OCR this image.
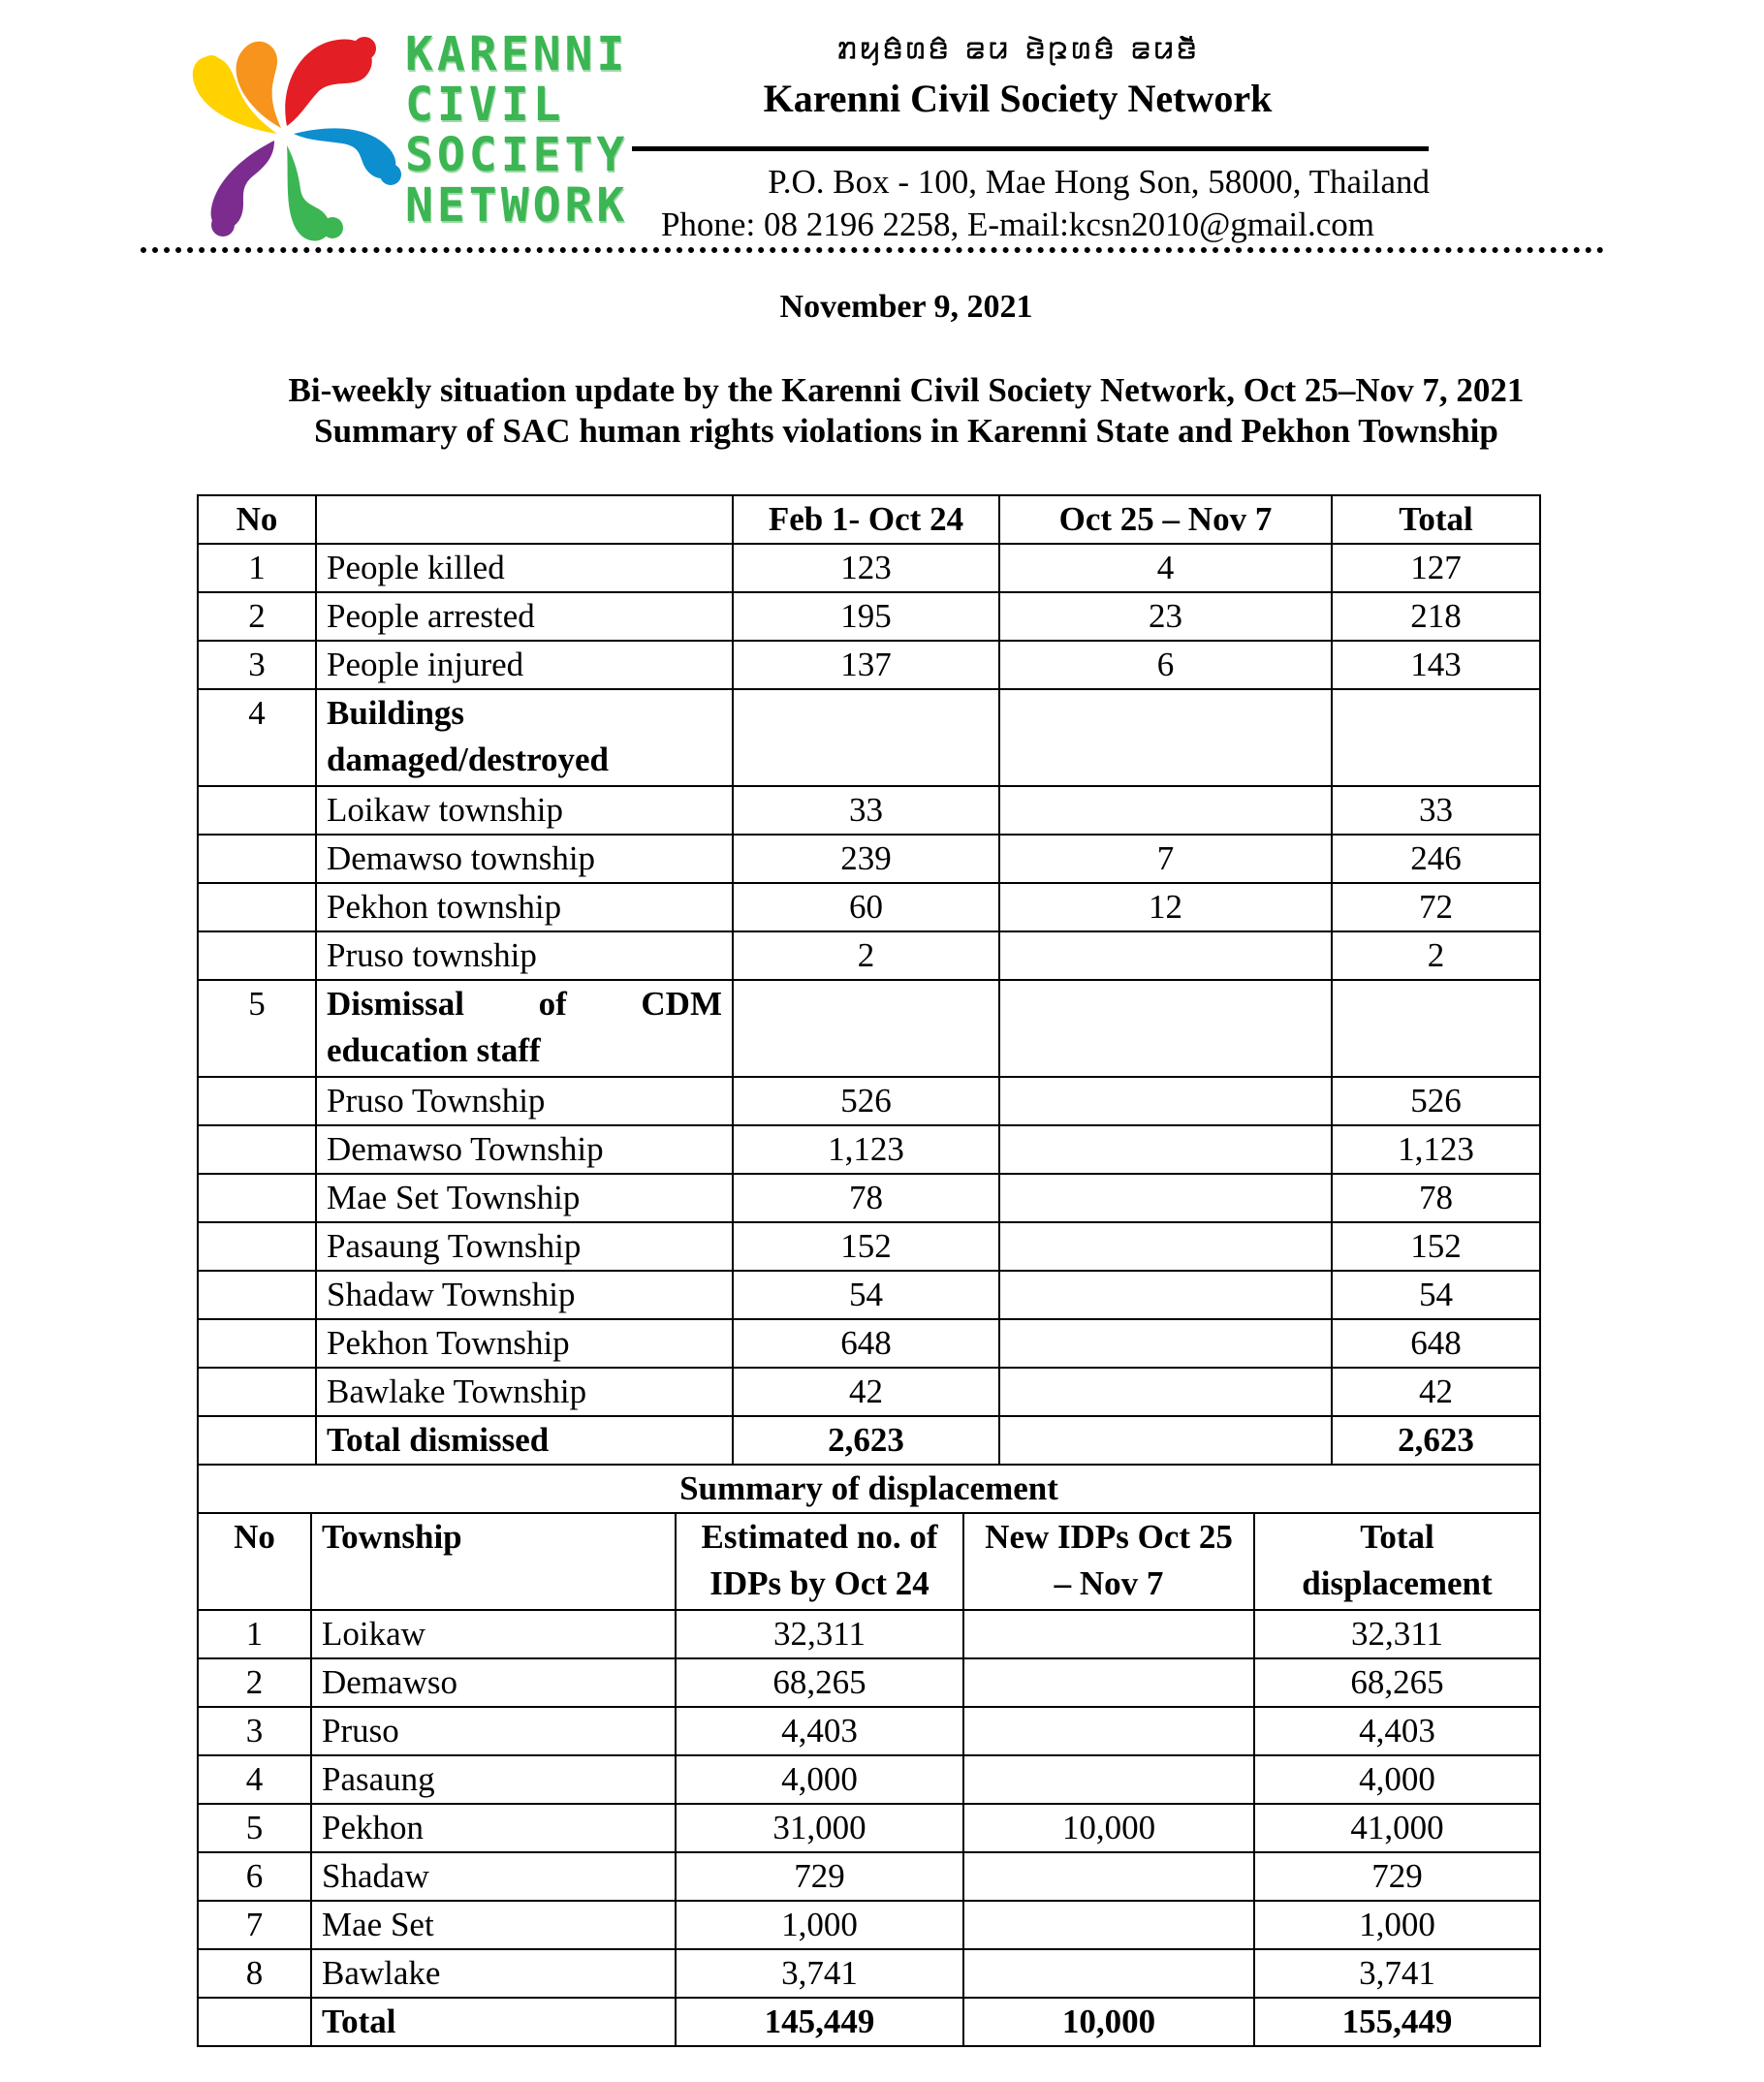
KARENNI
CIVIL
SOCIETY
NETWORK
ꤊꤟꤢꤨꤛꤢꤨ ꤘꤣ ꤢꤧꤐꤛꤢꤨ ꤘꤣꤢꤩꤧ
Karenni Civil Society Network
P.O. Box - 100, Mae Hong Son, 58000, Thailand
Phone: 08 2196 2258, E-mail:kcsn2010@gmail.com
November 9, 2021
Bi-weekly situation update by the Karenni Civil Society Network, Oct 25–Nov 7, 2021
Summary of SAC human rights violations in Karenni State and Pekhon Township
No		Feb 1- Oct 24	Oct 25 – Nov 7	Total
1	People killed	123	4	127
2	People arrested	195	23	218
3	People injured	137	6	143
4	Buildings damaged/destroyed			
	Loikaw township	33		33
	Demawso township	239	7	246
	Pekhon township	60	12	72
	Pruso township	2		2
5	Dismissal of CDM
education staff			

	Pruso Township	526		526
	Demawso Township	1,123		1,123
	Mae Set Township	78		78
	Pasaung Township	152		152
	Shadaw Township	54		54
	Pekhon Township	648		648
	Bawlake Township	42		42
	Total dismissed	2,623		2,623
Summary of displacement				
No	Township	Estimated no. of IDPs by Oct 24	New IDPs Oct 25 – Nov 7	Total displacement
1	Loikaw	32,311		32,311
2	Demawso	68,265		68,265
3	Pruso	4,403		4,403
4	Pasaung	4,000		4,000
5	Pekhon	31,000	10,000	41,000
6	Shadaw	729		729
7	Mae Set	1,000		1,000
8	Bawlake	3,741		3,741
	Total	145,449	10,000	155,449
